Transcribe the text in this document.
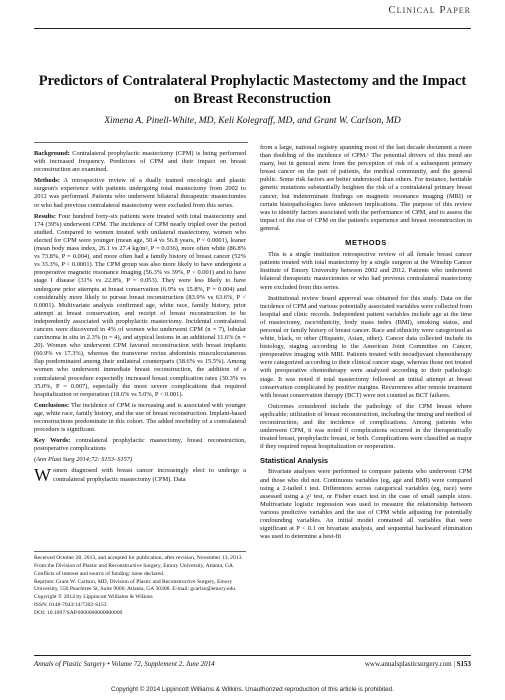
Clinical Paper
Predictors of Contralateral Prophylactic Mastectomy and the Impact on Breast Reconstruction
Ximena A. Pinell-White, MD, Keli Kolegraff, MD, and Grant W. Carlson, MD

Background: Contralateral prophylactic mastectomy (CPM) is being performed with increased frequency. Predictors of CPM and their impact on breast reconstruction are examined.

Methods: A retrospective review of a dually trained oncologic and plastic surgeon's experience with patients undergoing total mastectomy from 2002 to 2012 was performed. Patients who underwent bilateral therapeutic mastectomies or who had previous contralateral mastectomy were excluded from this series.

Results: Four hundred forty-six patients were treated with total mastectomy and 174 (39%) underwent CPM. The incidence of CPM nearly tripled over the period studied. Compared to women treated with unilateral mastectomy, women who elected for CPM were younger (mean age, 50.4 vs 56.8 years, P < 0.0001), leaner (mean body mass index, 26.1 vs 27.4 kg/m², P = 0.036), more often white (86.8% vs 73.8%, P = 0.004), and more often had a family history of breast cancer (52% vs 33.3%, P < 0.0001). The CPM group was also more likely to have undergone a preoperative magnetic resonance imaging (56.3% vs 39%, P < 0.001) and to have stage I disease (31% vs 22.8%, P = 0.053). They were less likely to have undergone prior attempts at breast conservation (6.9% vs 15.8%, P = 0.004) and considerably more likely to pursue breast reconstruction (83.9% vs 63.6%, P < 0.0001). Multivariate analysis confirmed age, white race, family history, prior attempt at breast conservation, and receipt of breast reconstruction to be independently associated with prophylactic mastectomy. Incidental contralateral cancers were discovered in 4% of women who underwent CPM (n = 7), lobular carcinoma in situ in 2.3% (n = 4), and atypical lesions in an additional 11.6% (n = 20). Women who underwent CPM favored reconstruction with breast implants (60.9% vs 17.3%), whereas the transverse rectus abdominis musculocutaneous flap predominated among their unilateral counterparts (38.6% vs 15.5%). Among women who underwent immediate breast reconstruction, the addition of a contralateral procedure expectedly increased breast complication rates (30.3% vs 35.0%, P = 0.007), especially the more severe complications that required hospitalization or reoperation (18.6% vs 5.0%, P < 0.001).

Conclusions: The incidence of CPM is increasing and is associated with younger age, white race, family history, and the use of breast reconstruction. Implant-based reconstructions predominate in this cohort. The added morbidity of a contralateral procedure is significant.

Key Words: contralateral prophylactic mastectomy, breast reconstruction, postoperative complications

(Ann Plast Surg 2014;72: S153–S157)

Women diagnosed with breast cancer increasingly elect to undergo a contralateral prophylactic mastectomy (CPM). Data

from a large, national registry spanning most of the last decade document a more than doubling of the incidence of CPM.¹ The potential drivers of this trend are many, but in general stem from the perception of risk of a subsequent primary breast cancer on the part of patients, the medical community, and the general public. Some risk factors are better understood than others. For instance, heritable genetic mutations substantially heighten the risk of a contralateral primary breast cancer, but indeterminate findings on magnetic resonance imaging (MRI) or certain histopathologies have unknown implications. The purpose of this review was to identify factors associated with the performance of CPM, and to assess the impact of the rise of CPM on the patient's experience and breast reconstruction in general.

METHODS

This is a single institution retrospective review of all female breast cancer patients treated with total mastectomy by a single surgeon at the Winship Cancer Institute of Emory University between 2002 and 2012. Patients who underwent bilateral therapeutic mastectomies or who had previous contralateral mastectomy were excluded from this series.

Institutional review board approval was obtained for this study. Data on the incidence of CPM and various potentially associated variables were collected from hospital and clinic records. Independent patient variables include age at the time of mastectomy, race/ethnicity, body mass index (BMI), smoking status, and personal or family history of breast cancer. Race and ethnicity were categorized as white, black, or other (Hispanic, Asian, other). Cancer data collected include its histology, staging according to the American Joint Committee on Cancer, preoperative imaging with MRI. Patients treated with neoadjuvant chemotherapy were categorized according to their clinical cancer stage, whereas those not treated with preoperative chemotherapy were analyzed according to their pathologic stage. It was noted if total mastectomy followed an initial attempt at breast conservation complicated by positive margins. Recurrences after remote treatment with breast conservation therapy (BCT) were not counted as BCT failures.

Outcomes considered include the pathology of the CPM breast where applicable; utilization of breast reconstruction, including the timing and method of reconstruction; and the incidence of complications. Among patients who underwent CPM, it was noted if complications occurred in the therapeutically treated breast, prophylactic breast, or both. Complications were classified as major if they required repeat hospitalization or reoperation.

Statistical Analysis

Bivariate analyses were performed to compare patients who underwent CPM and those who did not. Continuous variables (eg, age and BMI) were compared using a 2-tailed t test. Differences across categorical variables (eg, race) were assessed using a χ² test, or Fisher exact test in the case of small sample sizes. Multivariate logistic regression was used to measure the relationship between various predictive variables and the use of CPM while adjusting for potentially confounding variables. An initial model contained all variables that were significant at P < 0.1 on bivariate analysis, and sequential backward elimination was used to determine a best-fit

Received October 28, 2013, and accepted for publication, after revision, November 13, 2013.
From the Division of Plastic and Reconstructive Surgery, Emory University, Atlanta, GA.
Conflicts of interest and source of funding: none declared.
Reprints: Grant W. Carlson, MD, Division of Plastic and Reconstructive Surgery, Emory University, 550 Peachtree St, Suite 9000, Atlanta, GA 30308. E-mail: gcarlso@emory.edu.
Copyright © 2014 by Lippincott Williams & Wilkins
ISSN: 0148-7043/14/7202-S153
DOI: 10.1097/SAP.0000000000000009
Annals of Plastic Surgery • Volume 72, Supplement 2, June 2014	www.annalsplasticsurgery.com | S153
Copyright © 2014 Lippincott Williams & Wilkins. Unauthorized reproduction of this article is prohibited.
